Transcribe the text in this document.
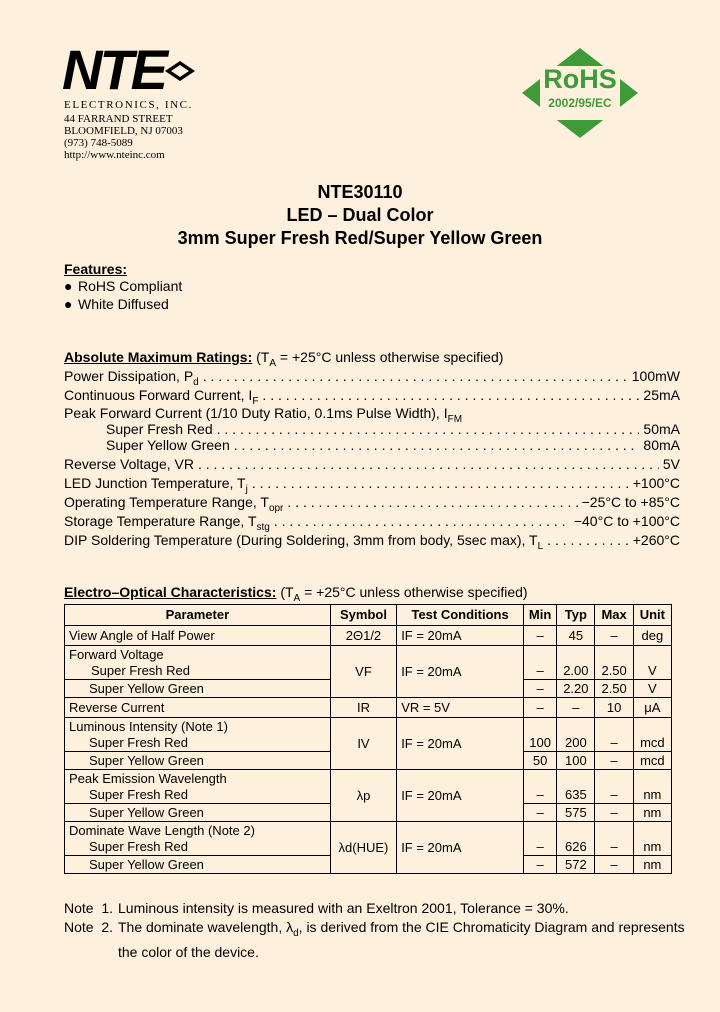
NTE
ELECTRONICS, INC.
44 FARRAND STREET
BLOOMFIELD, NJ 07003
(973) 748-5089
http://www.nteinc.com
RoHS
2002/95/EC
NTE30110
LED – Dual Color
3mm Super Fresh Red/Super Yellow Green
Features:
● RoHS Compliant
● White Diffused
Absolute Maximum Ratings: ($T_A = +25^\circ C$ unless otherwise specified)
Power Dissipation, $P_d$ . . .	100mW
Continuous Forward Current, $I_F$ . . .	25mA
Peak Forward Current (1/10 Duty Ratio, 0.1ms Pulse Width), $I_{FM}$
Super Fresh Red . . .	50mA
Super Yellow Green . . .	80mA
Reverse Voltage, VR . . .	5V
LED Junction Temperature, $T_j$ . . .	+100°C
Operating Temperature Range, $T_{opr}$ . . .	−25°C to +85°C
Storage Temperature Range, $T_{stg}$ . . .	−40°C to +100°C
DIP Soldering Temperature (During Soldering, 3mm from body, 5sec max), $T_L$ . . .	+260°C
Electro–Optical Characteristics: ($T_A = +25^\circ C$ unless otherwise specified)
Parameter	Symbol	Test Conditions	Min	Typ	Max	Unit
View Angle of Half Power	2Θ1/2	IF = 20mA	–	45	–	deg

Forward Voltage
Super Fresh Red	VF	IF = 20mA	–	2.00	2.50	V
Super Yellow Green			–	2.20	2.50	V
Reverse Current	IR	VR = 5V	–	–	10	μA

Luminous Intensity (Note 1)
Super Fresh Red	IV	IF = 20mA	100	200	–	mcd
Super Yellow Green			50	100	–	mcd

Peak Emission Wavelength
Super Fresh Red	λp	IF = 20mA	–	635	–	nm
Super Yellow Green			–	575	–	nm

Dominate Wave Length (Note 2)
Super Fresh Red	λd(HUE)	IF = 20mA	–	626	–	nm
Super Yellow Green			–	572	–	nm
Note  1. Luminous intensity is measured with an Exeltron 2001, Tolerance = 30%.
Note  2. The dominate wavelength, $\lambda_d$, is derived from the CIE Chromaticity Diagram and represents
the color of the device.
